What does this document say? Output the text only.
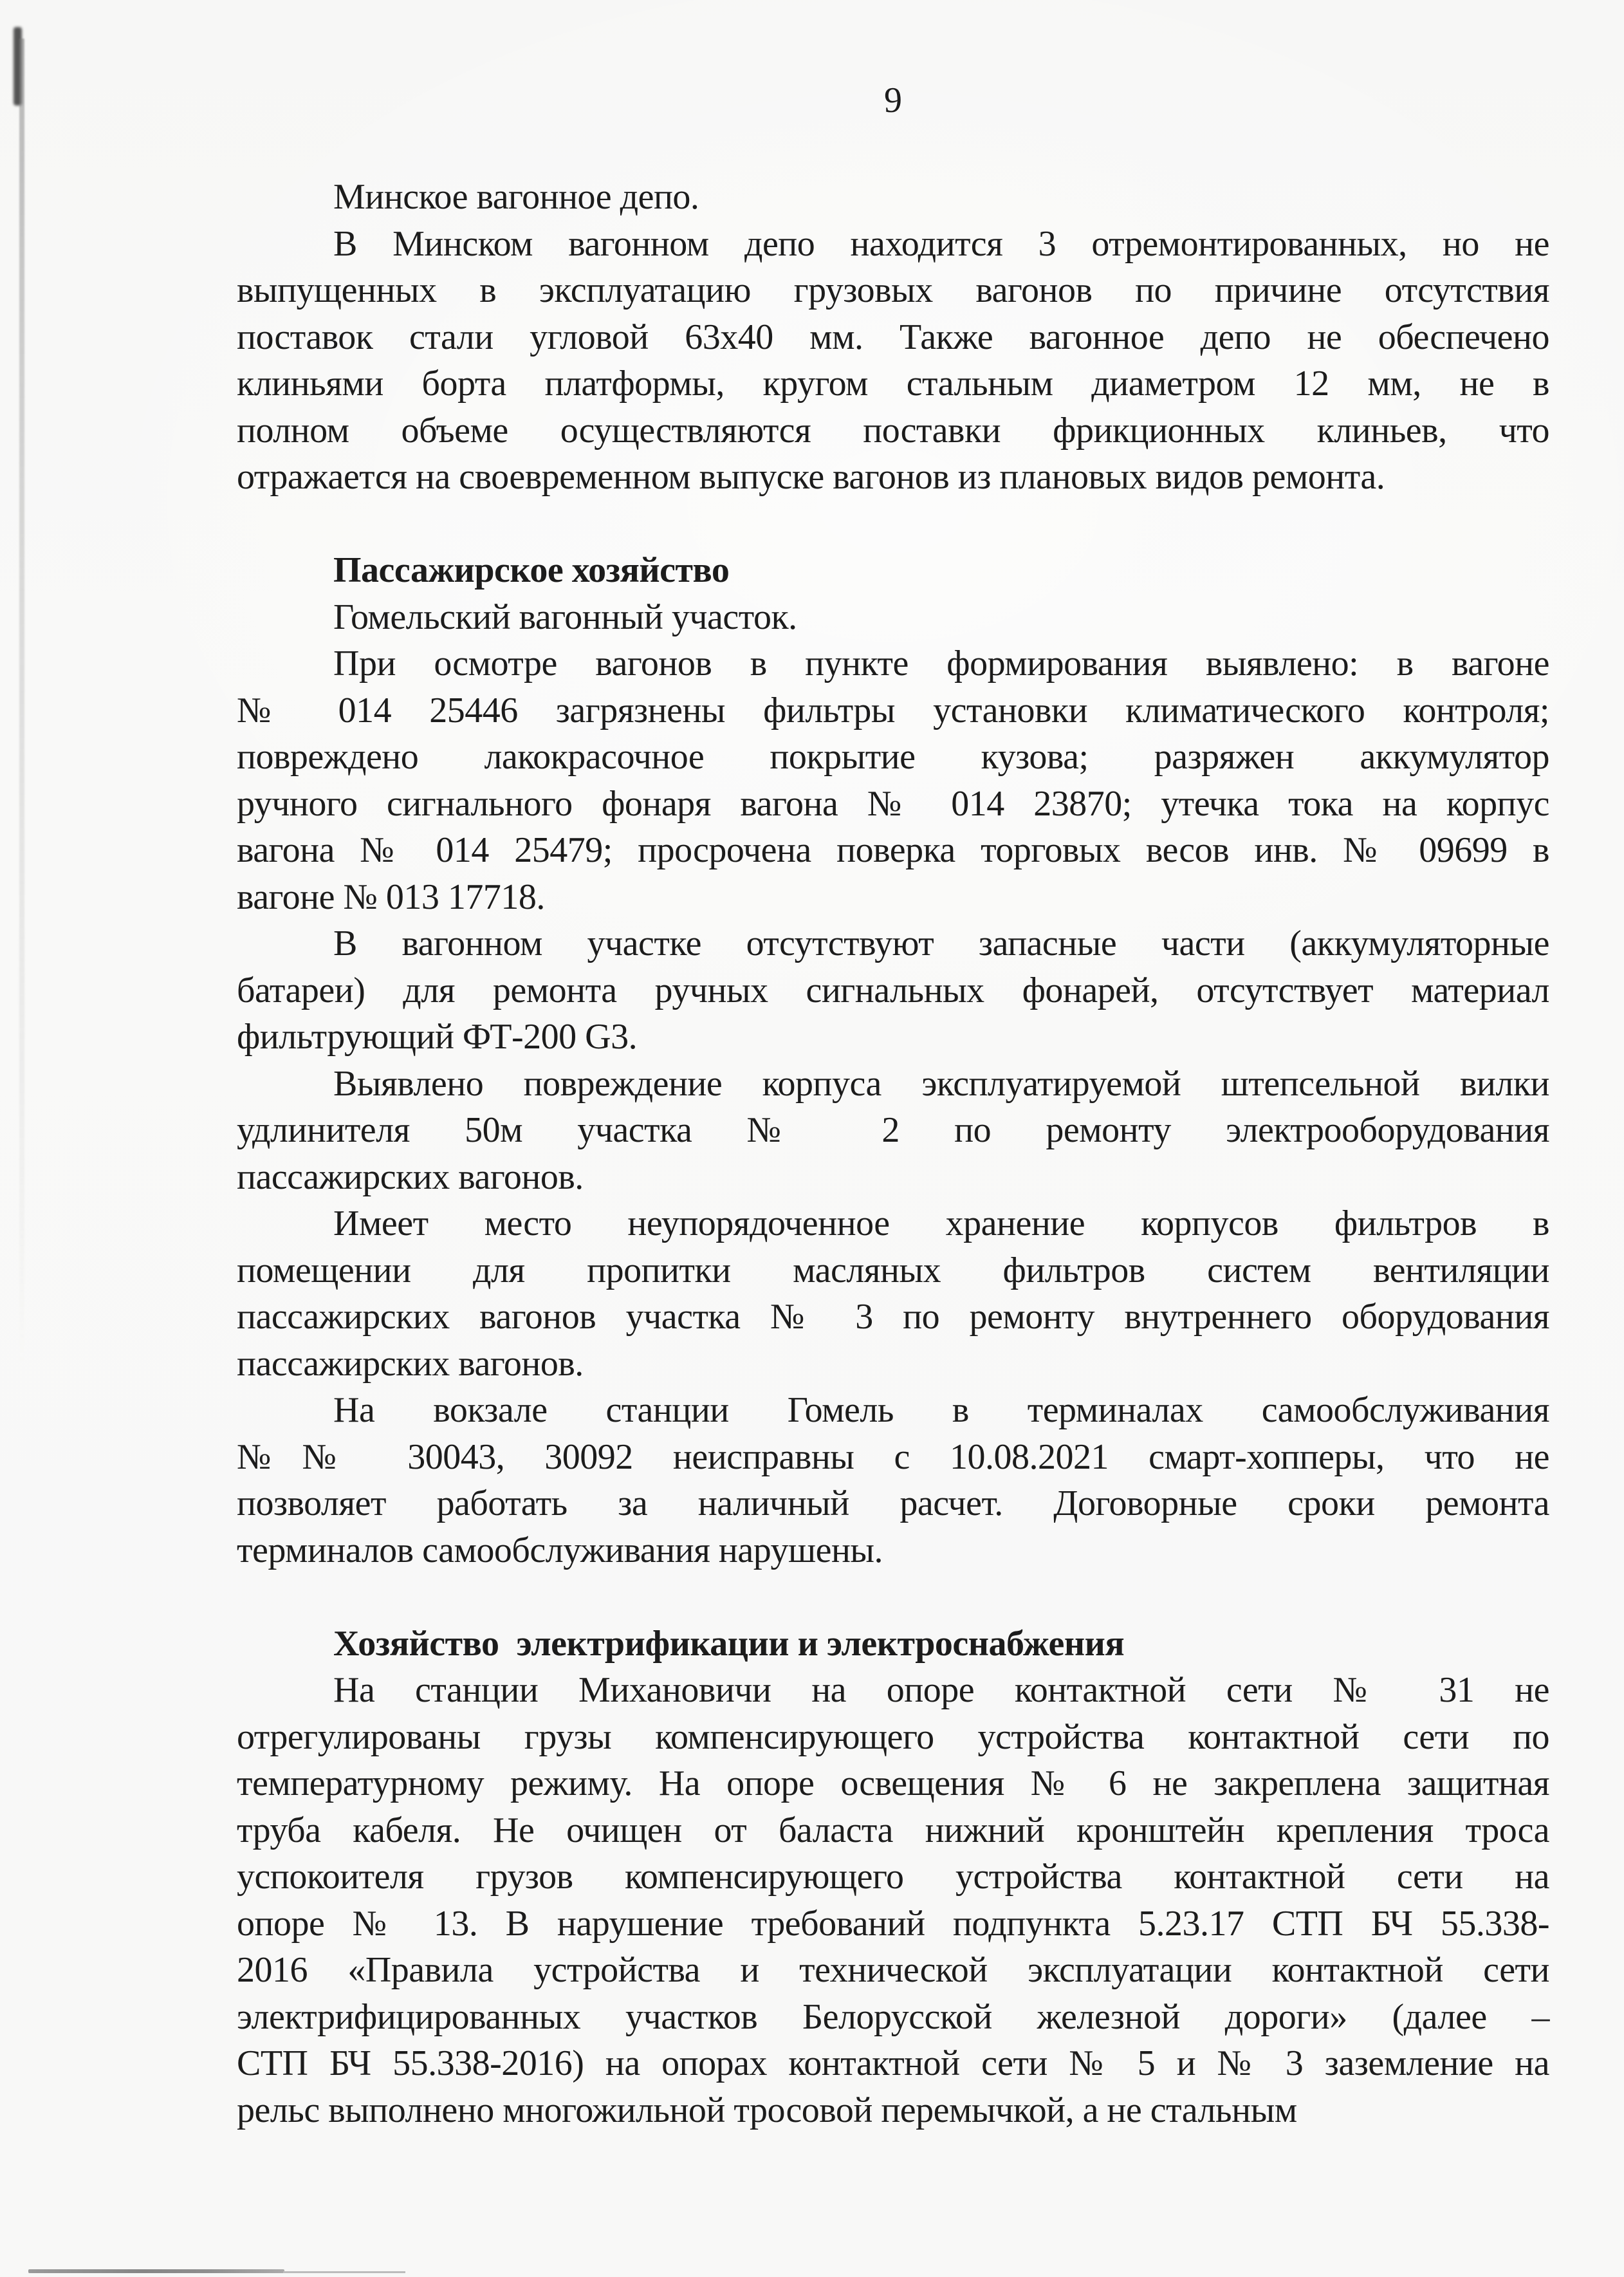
9
Минское вагонное депо.
В Минском вагонном депо находится 3 отремонтированных, но не
выпущенных в эксплуатацию грузовых вагонов по причине отсутствия
поставок стали угловой 63х40 мм. Также вагонное депо не обеспечено
клиньями борта платформы, кругом стальным диаметром 12 мм, не в
полном объеме осуществляются поставки фрикционных клиньев, что
отражается на своевременном выпуске вагонов из плановых видов ремонта.
Пассажирское хозяйство
Гомельский вагонный участок.
При осмотре вагонов в пункте формирования выявлено: в вагоне
№ 014 25446 загрязнены фильтры установки климатического контроля;
повреждено лакокрасочное покрытие кузова; разряжен аккумулятор
ручного сигнального фонаря вагона № 014 23870; утечка тока на корпус
вагона № 014 25479; просрочена поверка торговых весов инв. № 09699 в
вагоне № 013 17718.
В вагонном участке отсутствуют запасные части (аккумуляторные
батареи) для ремонта ручных сигнальных фонарей, отсутствует материал
фильтрующий ФТ-200 G3.
Выявлено повреждение корпуса эксплуатируемой штепсельной вилки
удлинителя 50м участка № 2 по ремонту электрооборудования
пассажирских вагонов.
Имеет место неупорядоченное хранение корпусов фильтров в
помещении для пропитки масляных фильтров систем вентиляции
пассажирских вагонов участка № 3 по ремонту внутреннего оборудования
пассажирских вагонов.
На вокзале станции Гомель в терминалах самообслуживания
№№ 30043, 30092 неисправны с 10.08.2021 смарт-хопперы, что не
позволяет работать за наличный расчет. Договорные сроки ремонта
терминалов самообслуживания нарушены.
Хозяйство  электрификации и электроснабжения
На станции Михановичи на опоре контактной сети № 31 не
отрегулированы грузы компенсирующего устройства контактной сети по
температурному режиму. На опоре освещения № 6 не закреплена защитная
труба кабеля. Не очищен от баласта нижний кронштейн крепления троса
успокоителя грузов компенсирующего устройства контактной сети на
опоре № 13. В нарушение требований подпункта 5.23.17 СТП БЧ 55.338-
2016 «Правила устройства и технической эксплуатации контактной сети
электрифицированных участков Белорусской железной дороги» (далее –
СТП БЧ 55.338-2016) на опорах контактной сети № 5 и № 3 заземление на
рельс выполнено многожильной тросовой перемычкой, а не стальным
